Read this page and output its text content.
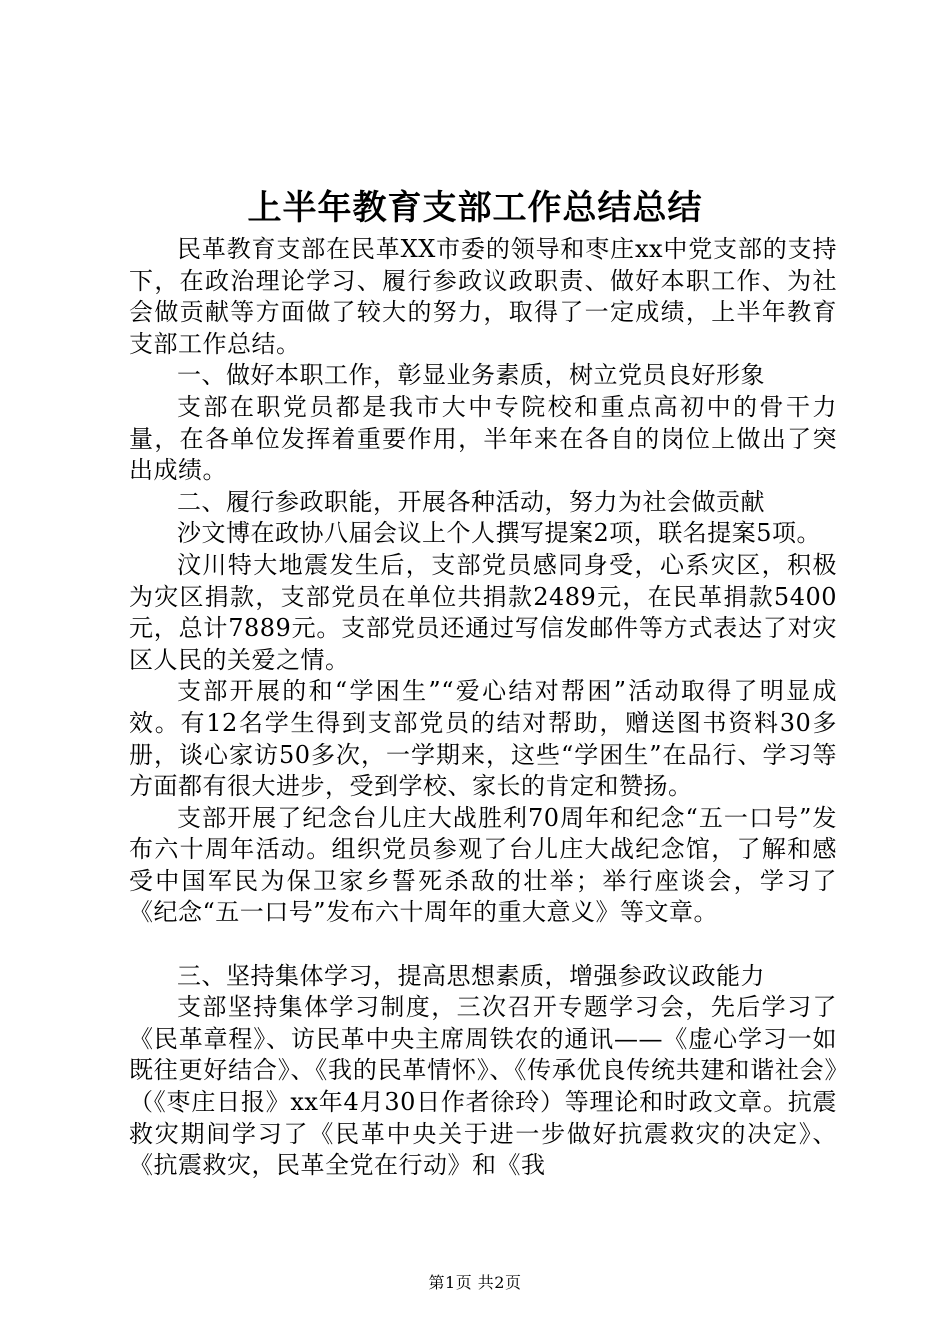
上半年教育支部工作总结总结

民革教育支部在民革XX市委的领导和枣庄xx中党支部的支持下，在政治理论学习、履行参政议政职责、做好本职工作、为社会做贡献等方面做了较大的努力，取得了一定成绩，上半年教育支部工作总结。

一、做好本职工作，彰显业务素质，树立党员良好形象

支部在职党员都是我市大中专院校和重点高初中的骨干力量，在各单位发挥着重要作用，半年来在各自的岗位上做出了突出成绩。

二、履行参政职能，开展各种活动，努力为社会做贡献

沙文博在政协八届会议上个人撰写提案2项，联名提案5项。

汶川特大地震发生后，支部党员感同身受，心系灾区，积极为灾区捐款，支部党员在单位共捐款2489元，在民革捐款5400元，总计7889元。支部党员还通过写信发邮件等方式表达了对灾区人民的关爱之情。

支部开展的和“学困生”“爱心结对帮困”活动取得了明显成效。有12名学生得到支部党员的结对帮助，赠送图书资料30多册，谈心家访50多次，一学期来，这些“学困生”在品行、学习等方面都有很大进步，受到学校、家长的肯定和赞扬。

支部开展了纪念台儿庄大战胜利70周年和纪念“五一口号”发布六十周年活动。组织党员参观了台儿庄大战纪念馆，了解和感受中国军民为保卫家乡誓死杀敌的壮举；举行座谈会，学习了《纪念“五一口号”发布六十周年的重大意义》等文章。

三、坚持集体学习，提高思想素质，增强参政议政能力

支部坚持集体学习制度，三次召开专题学习会，先后学习了《民革章程》、访民革中央主席周铁农的通讯——《虚心学习一如既往更好结合》、《我的民革情怀》、《传承优良传统共建和谐社会》（《枣庄日报》xx年4月30日作者徐玲）等理论和时政文章。抗震救灾期间学习了《民革中央关于进一步做好抗震救灾的决定》、《抗震救灾，民革全党在行动》和《我

第1页 共2页
